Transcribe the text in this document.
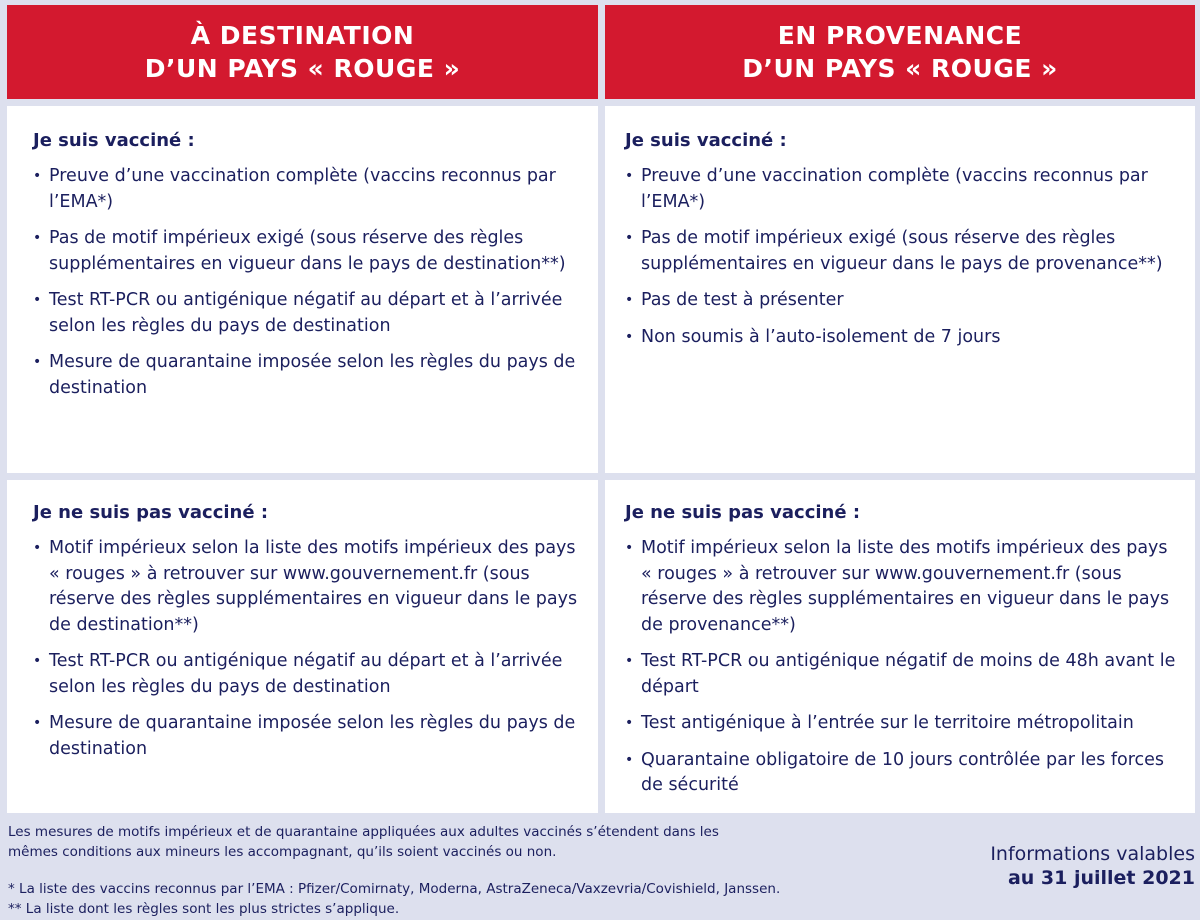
À DESTINATION
D’UN PAYS « ROUGE »
EN PROVENANCE
D’UN PAYS « ROUGE »
Je suis vacciné :
• Preuve d’une vaccination complète (vaccins reconnus par l’EMA*)
• Pas de motif impérieux exigé (sous réserve des règles supplémentaires en vigueur dans le pays de destination**)
• Test RT-PCR ou antigénique négatif au départ et à l’arrivée selon les règles du pays de destination
• Mesure de quarantaine imposée selon les règles du pays de destination
Je suis vacciné :
• Preuve d’une vaccination complète (vaccins reconnus par l’EMA*)
• Pas de motif impérieux exigé (sous réserve des règles supplémentaires en vigueur dans le pays de provenance**)
• Pas de test à présenter
• Non soumis à l’auto-isolement de 7 jours
Je ne suis pas vacciné :
• Motif impérieux selon la liste des motifs impérieux des pays « rouges » à retrouver sur www.gouvernement.fr (sous réserve des règles supplémentaires en vigueur dans le pays de destination**)
• Test RT-PCR ou antigénique négatif au départ et à l’arrivée selon les règles du pays de destination
• Mesure de quarantaine imposée selon les règles du pays de destination
Je ne suis pas vacciné :
• Motif impérieux selon la liste des motifs impérieux des pays « rouges » à retrouver sur www.gouvernement.fr (sous réserve des règles supplémentaires en vigueur dans le pays de provenance**)
• Test RT-PCR ou antigénique négatif de moins de 48h avant le départ
• Test antigénique à l’entrée sur le territoire métropolitain
• Quarantaine obligatoire de 10 jours contrôlée par les forces de sécurité
Les mesures de motifs impérieux et de quarantaine appliquées aux adultes vaccinés s’étendent dans les mêmes conditions aux mineurs les accompagnant, qu’ils soient vaccinés ou non.
* La liste des vaccins reconnus par l’EMA : Pfizer/Comirnaty, Moderna, AstraZeneca/Vaxzevria/Covishield, Janssen.
** La liste dont les règles sont les plus strictes s’applique.
Informations valables
au 31 juillet 2021
